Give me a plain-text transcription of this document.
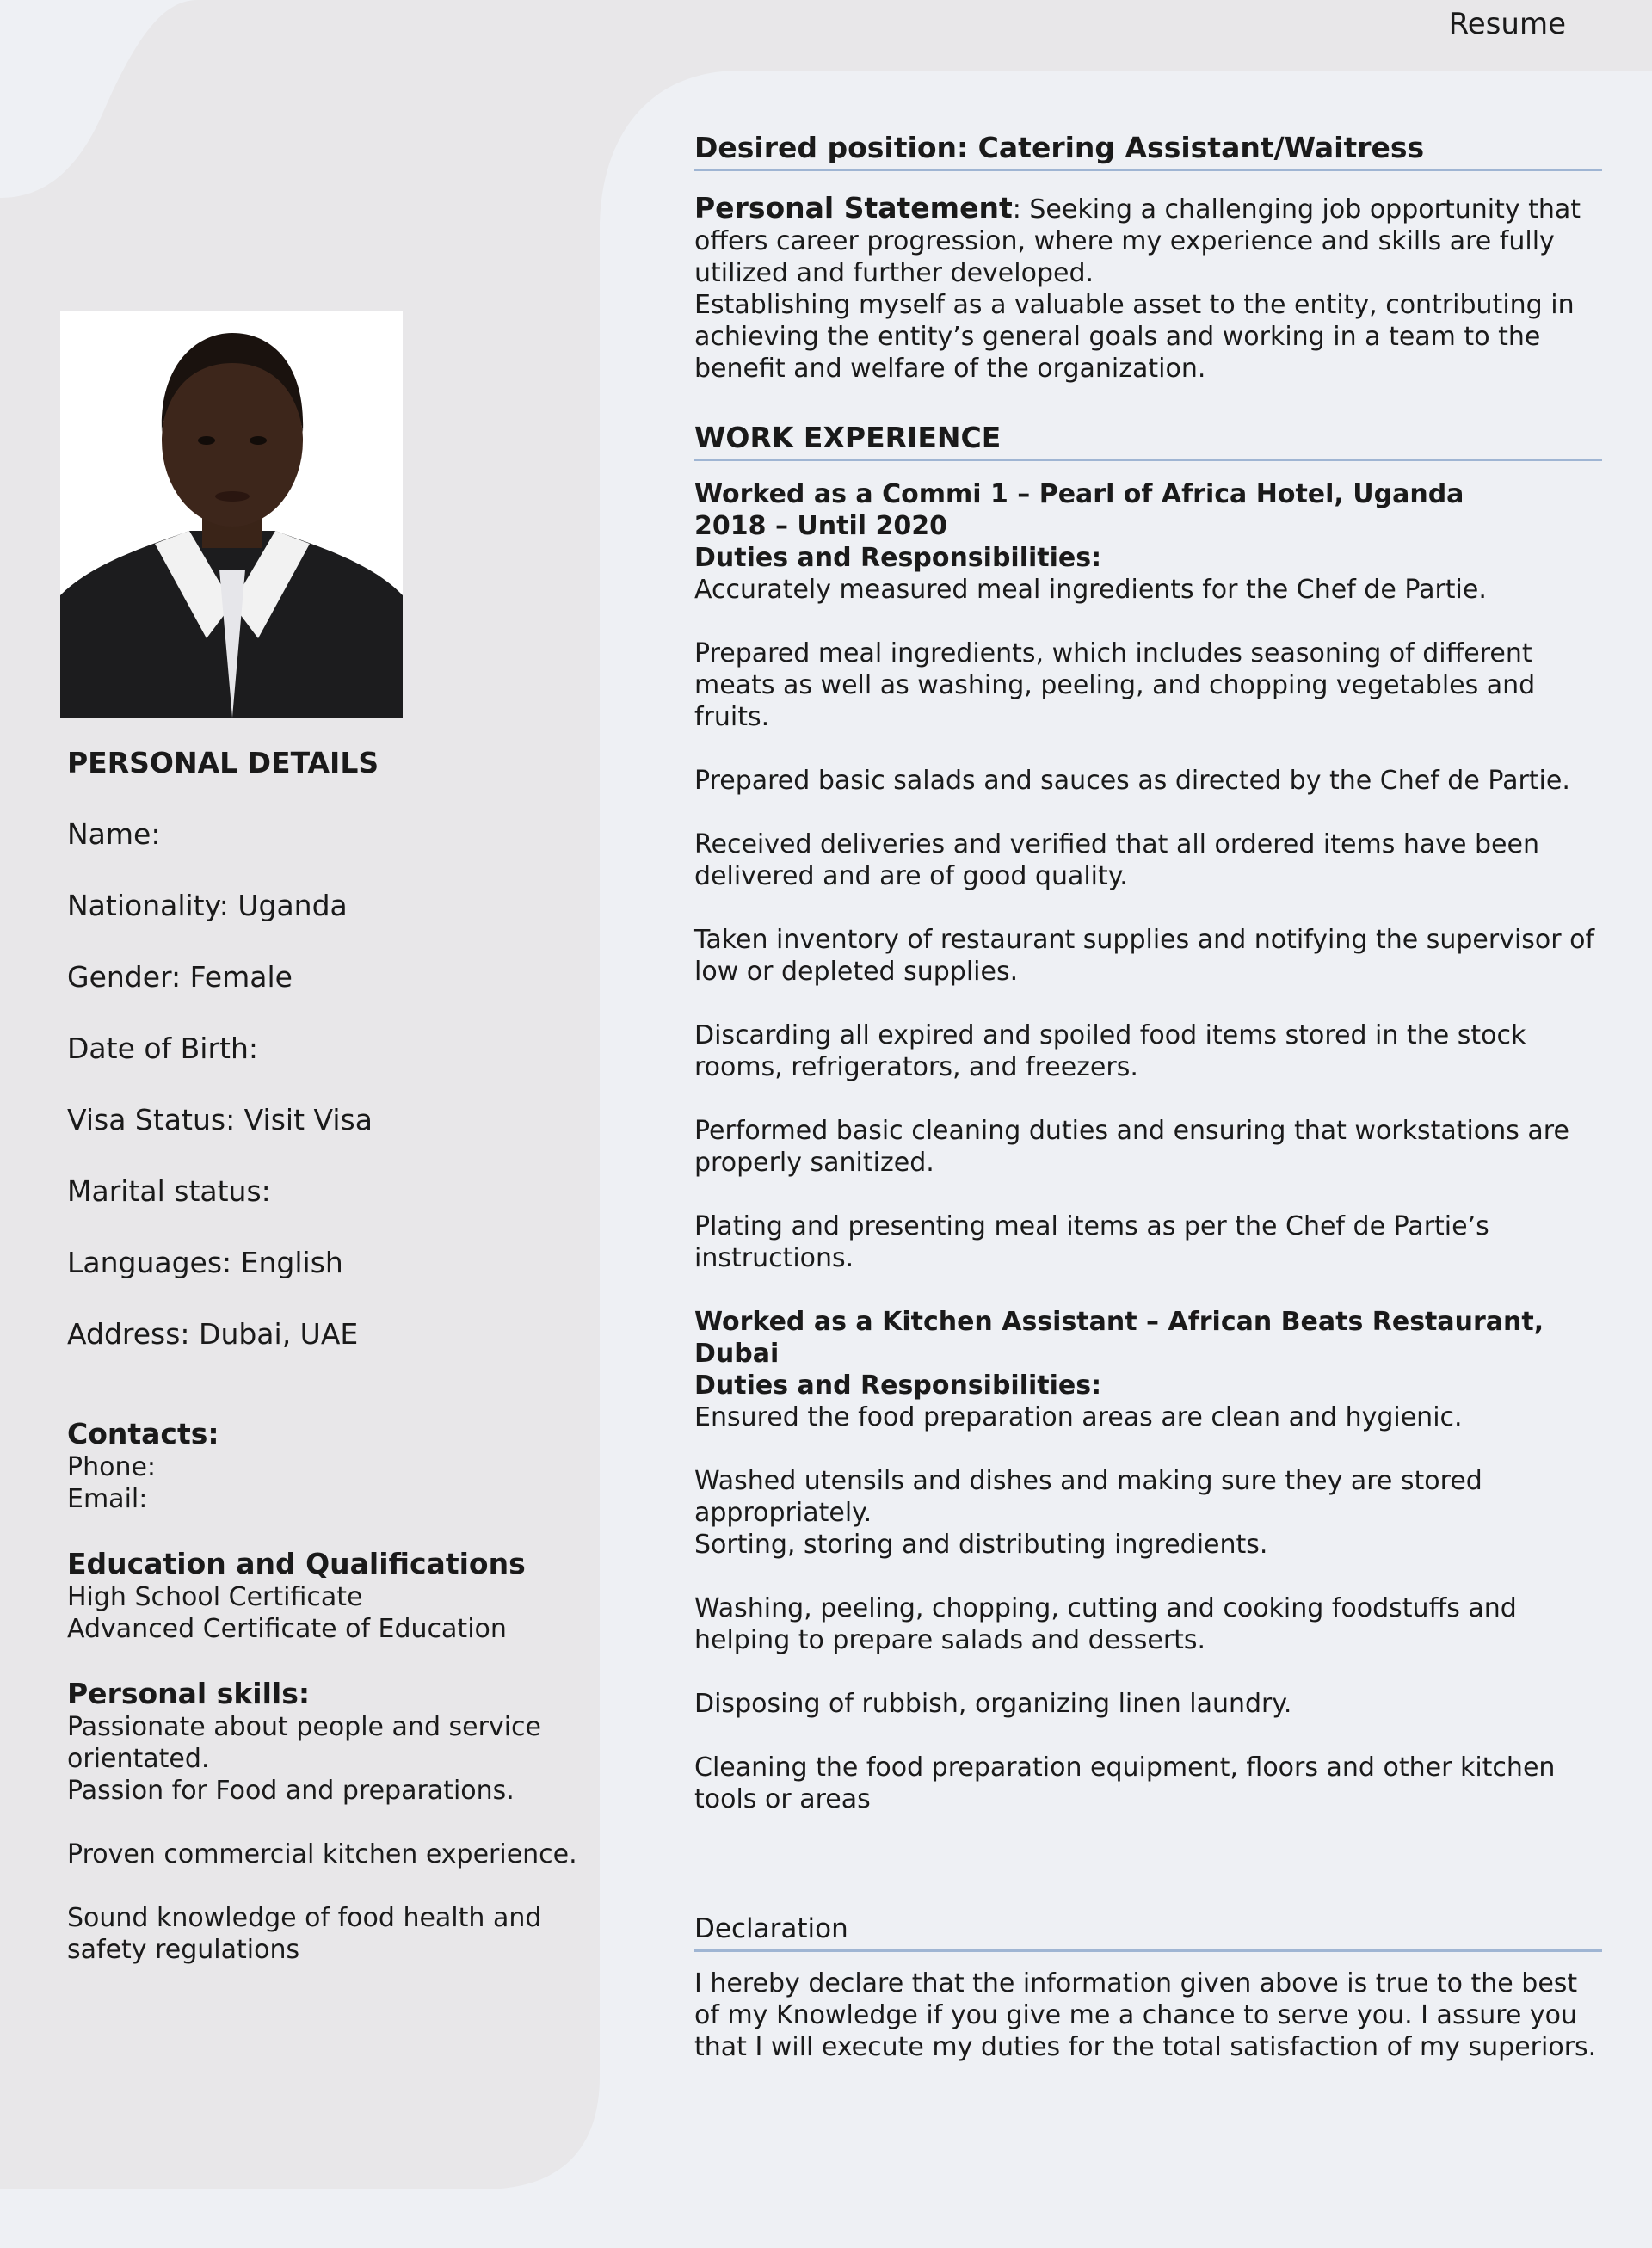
Resume

PERSONAL DETAILS

Name:

Nationality: Uganda

Gender: Female

Date of Birth:

Visa Status: Visit Visa

Marital status:

Languages: English

Address: Dubai, UAE

Contacts:

Phone:

Email:

Education and Qualifications

High School Certificate

Advanced Certificate of Education

Personal skills:

Passionate about people and service orientated.

Passion for Food and preparations.

Proven commercial kitchen experience.

Sound knowledge of food health and safety regulations

Desired position: Catering Assistant/Waitress

Personal Statement: Seeking a challenging job opportunity that offers career progression, where my experience and skills are fully utilized and further developed.

Establishing myself as a valuable asset to the entity, contributing in achieving the entity’s general goals and working in a team to the benefit and welfare of the organization.

WORK EXPERIENCE

Worked as a Commi 1 – Pearl of Africa Hotel, Uganda

2018 – Until 2020

Duties and Responsibilities:

Accurately measured meal ingredients for the Chef de Partie.

Prepared meal ingredients, which includes seasoning of different meats as well as washing, peeling, and chopping vegetables and fruits.

Prepared basic salads and sauces as directed by the Chef de Partie.

Received deliveries and verified that all ordered items have been delivered and are of good quality.

Taken inventory of restaurant supplies and notifying the supervisor of low or depleted supplies.

Discarding all expired and spoiled food items stored in the stock rooms, refrigerators, and freezers.

Performed basic cleaning duties and ensuring that workstations are properly sanitized.

Plating and presenting meal items as per the Chef de Partie’s instructions.

Worked as a Kitchen Assistant – African Beats Restaurant, Dubai

Duties and Responsibilities:

Ensured the food preparation areas are clean and hygienic.

Washed utensils and dishes and making sure they are stored appropriately.

Sorting, storing and distributing ingredients.

Washing, peeling, chopping, cutting and cooking foodstuffs and helping to prepare salads and desserts.

Disposing of rubbish, organizing linen laundry.

Cleaning the food preparation equipment, floors and other kitchen tools or areas

Declaration

I hereby declare that the information given above is true to the best of my Knowledge if you give me a chance to serve you. I assure you that I will execute my duties for the total satisfaction of my superiors.
